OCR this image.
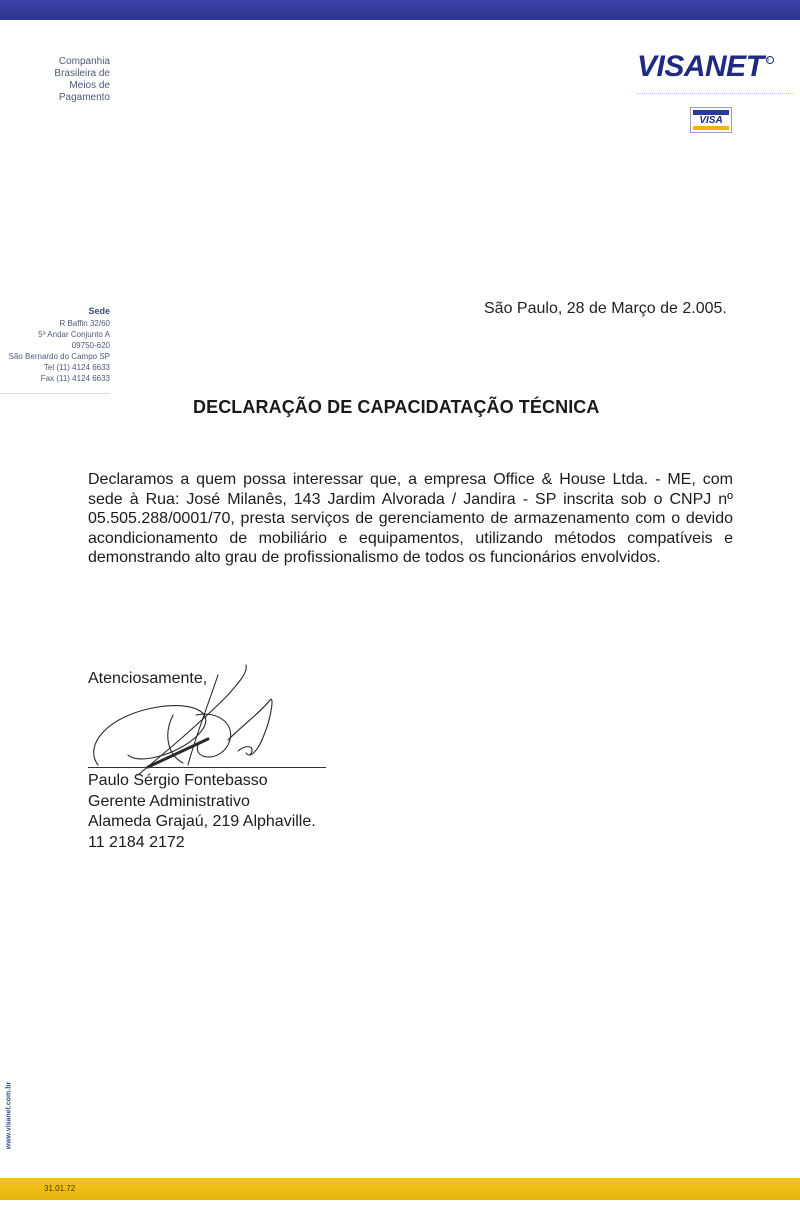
Companhia
Brasileira de
Meios de
Pagamento
VISANET R
VISA
Sede
R Baffin 32/60
5º Andar Conjunto A
09750-620
São Bernardo do Campo SP
Tel (11) 4124 6633
Fax (11) 4124 6633
São Paulo, 28 de Março de 2.005.
DECLARAÇÃO DE CAPACIDATAÇÃO TÉCNICA
Declaramos a quem possa interessar que, a empresa Office & House Ltda. - ME, com sede à Rua: José Milanês, 143 Jardim Alvorada / Jandira - SP inscrita sob o CNPJ nº 05.505.288/0001/70, presta serviços de gerenciamento de armazenamento com o devido acondicionamento de mobiliário e equipamentos, utilizando métodos compatíveis e demonstrando alto grau de profissionalismo de todos os funcionários envolvidos.
Atenciosamente,
Paulo Sérgio Fontebasso
Gerente Administrativo
Alameda Grajaú, 219 Alphaville.
11 2184 2172
www.visanet.com.br
31.01.72
